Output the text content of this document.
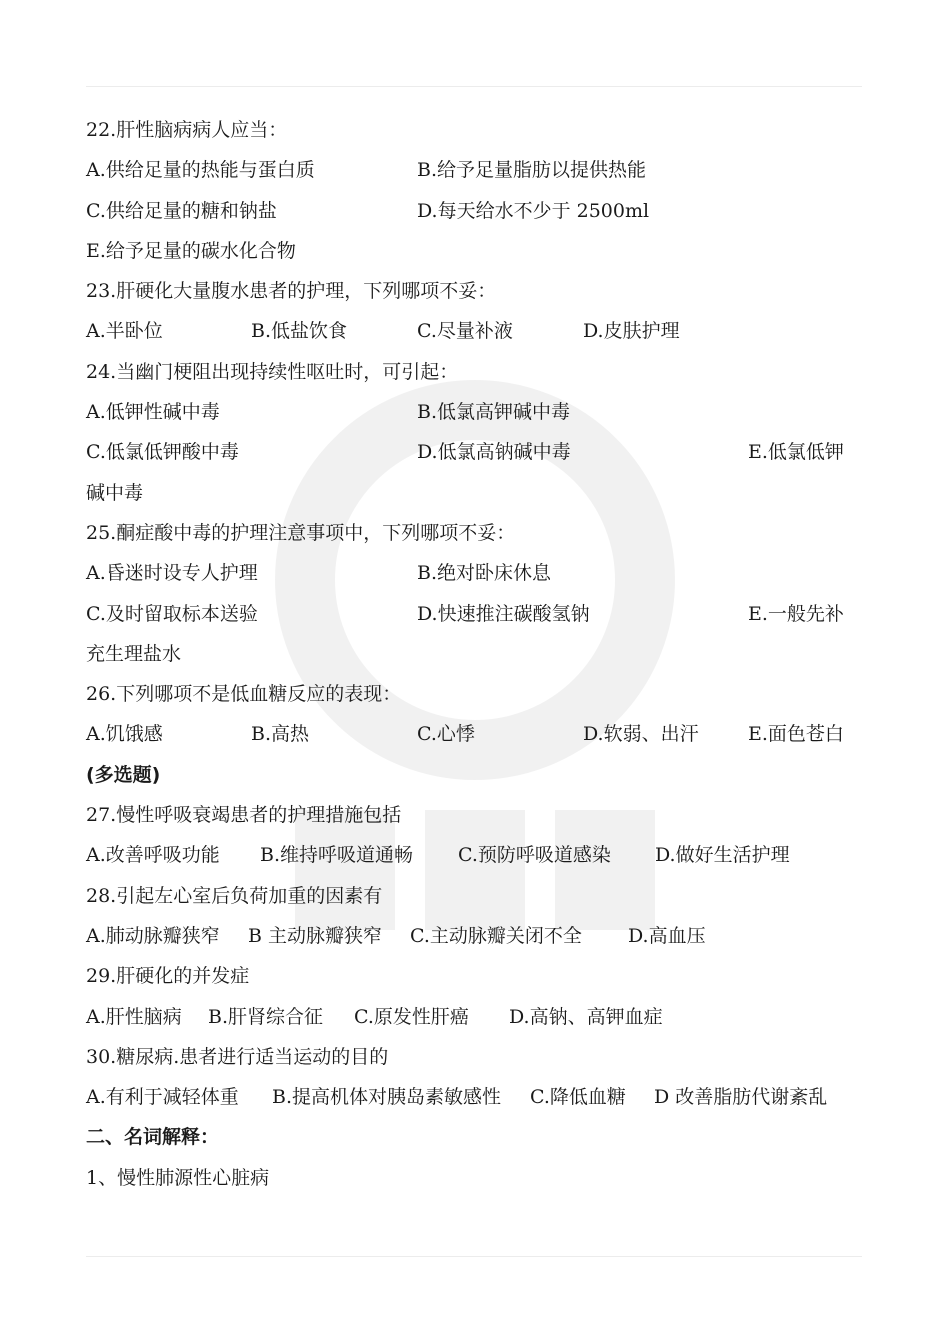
22.肝性脑病病人应当：
A.供给足量的热能与蛋白质	B.给予足量脂肪以提供热能
C.供给足量的糖和钠盐	D.每天给水不少于 2500ml
E.给予足量的碳水化合物
23.肝硬化大量腹水患者的护理，下列哪项不妥：
A.半卧位	B.低盐饮食	C.尽量补液	D.皮肤护理
24.当幽门梗阻出现持续性呕吐时，可引起：
A.低钾性碱中毒	B.低氯高钾碱中毒
C.低氯低钾酸中毒	D.低氯高钠碱中毒	E.低氯低钾
碱中毒
25.酮症酸中毒的护理注意事项中，下列哪项不妥：
A.昏迷时设专人护理	B.绝对卧床休息
C.及时留取标本送验	D.快速推注碳酸氢钠	E.一般先补
充生理盐水
26.下列哪项不是低血糖反应的表现：
A.饥饿感	B.高热	C.心悸	D.软弱、出汗	E.面色苍白
(多选题)
27.慢性呼吸衰竭患者的护理措施包括
A.改善呼吸功能 B.维持呼吸道通畅 C.预防呼吸道感染 D.做好生活护理
28.引起左心室后负荷加重的因素有
A.肺动脉瓣狭窄 B 主动脉瓣狭窄 C.主动脉瓣关闭不全 D.高血压
29.肝硬化的并发症
A.肝性脑病 B.肝肾综合征 C.原发性肝癌 D.高钠、高钾血症
30.糖尿病.患者进行适当运动的目的
A.有利于减轻体重 B.提高机体对胰岛素敏感性 C.降低血糖 D 改善脂肪代谢紊乱
二、名词解释：
1、慢性肺源性心脏病
